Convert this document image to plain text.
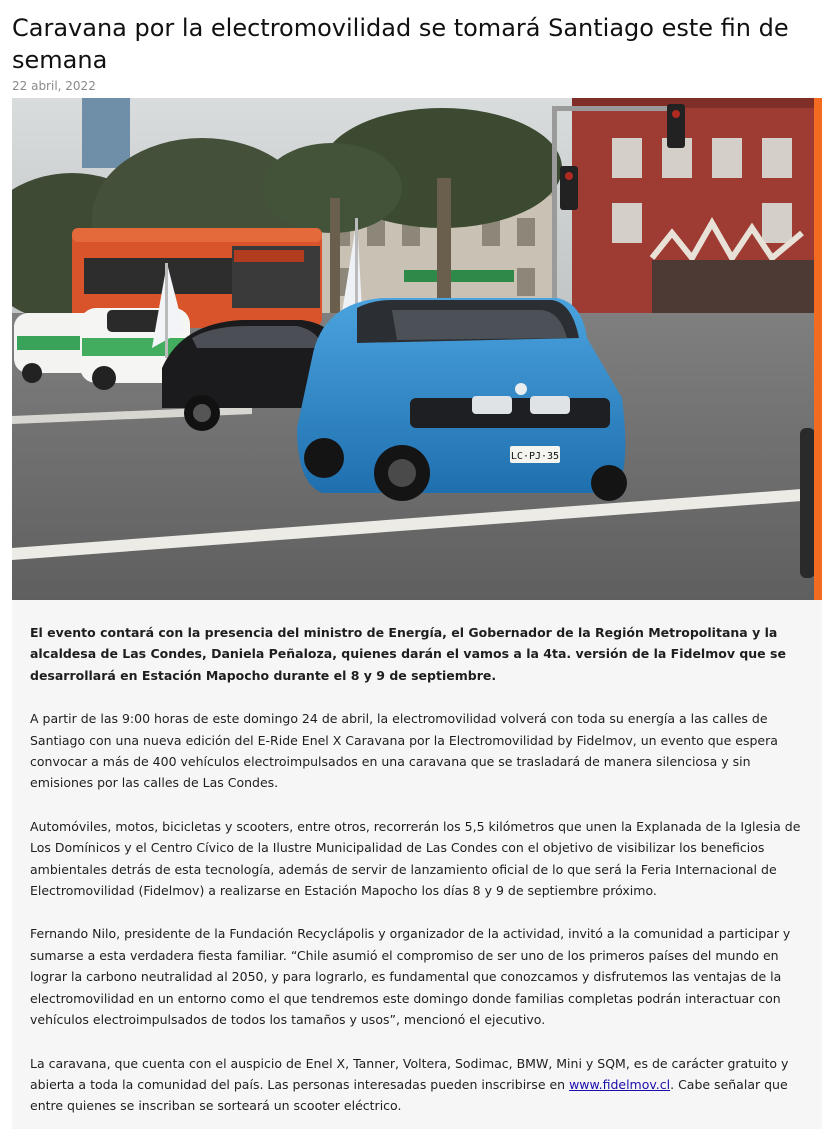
Caravana por la electromovilidad se tomará Santiago este fin de semana
22 abril, 2022
LC·PJ·35

El evento contará con la presencia del ministro de Energía, el Gobernador de la Región Metropolitana y la alcaldesa de Las Condes, Daniela Peñaloza, quienes darán el vamos a la 4ta. versión de la Fidelmov que se desarrollará en Estación Mapocho durante el 8 y 9 de septiembre.

A partir de las 9:00 horas de este domingo 24 de abril, la electromovilidad volverá con toda su energía a las calles de Santiago con una nueva edición del E-Ride Enel X Caravana por la Electromovilidad by Fidelmov, un evento que espera convocar a más de 400 vehículos electroimpulsados en una caravana que se trasladará de manera silenciosa y sin emisiones por las calles de Las Condes.

Automóviles, motos, bicicletas y scooters, entre otros, recorrerán los 5,5 kilómetros que unen la Explanada de la Iglesia de Los Domínicos y el Centro Cívico de la Ilustre Municipalidad de Las Condes con el objetivo de visibilizar los beneficios ambientales detrás de esta tecnología, además de servir de lanzamiento oficial de lo que será la Feria Internacional de Electromovilidad (Fidelmov) a realizarse en Estación Mapocho los días 8 y 9 de septiembre próximo.

Fernando Nilo, presidente de la Fundación Recyclápolis y organizador de la actividad, invitó a la comunidad a participar y sumarse a esta verdadera fiesta familiar. “Chile asumió el compromiso de ser uno de los primeros países del mundo en lograr la carbono neutralidad al 2050, y para lograrlo, es fundamental que conozcamos y disfrutemos las ventajas de la electromovilidad en un entorno como el que tendremos este domingo donde familias completas podrán interactuar con vehículos electroimpulsados de todos los tamaños y usos”, mencionó el ejecutivo.

La caravana, que cuenta con el auspicio de Enel X, Tanner, Voltera, Sodimac, BMW, Mini y SQM, es de carácter gratuito y abierta a toda la comunidad del país. Las personas interesadas pueden inscribirse en www.fidelmov.cl. Cabe señalar que entre quienes se inscriban se sorteará un scooter eléctrico.
